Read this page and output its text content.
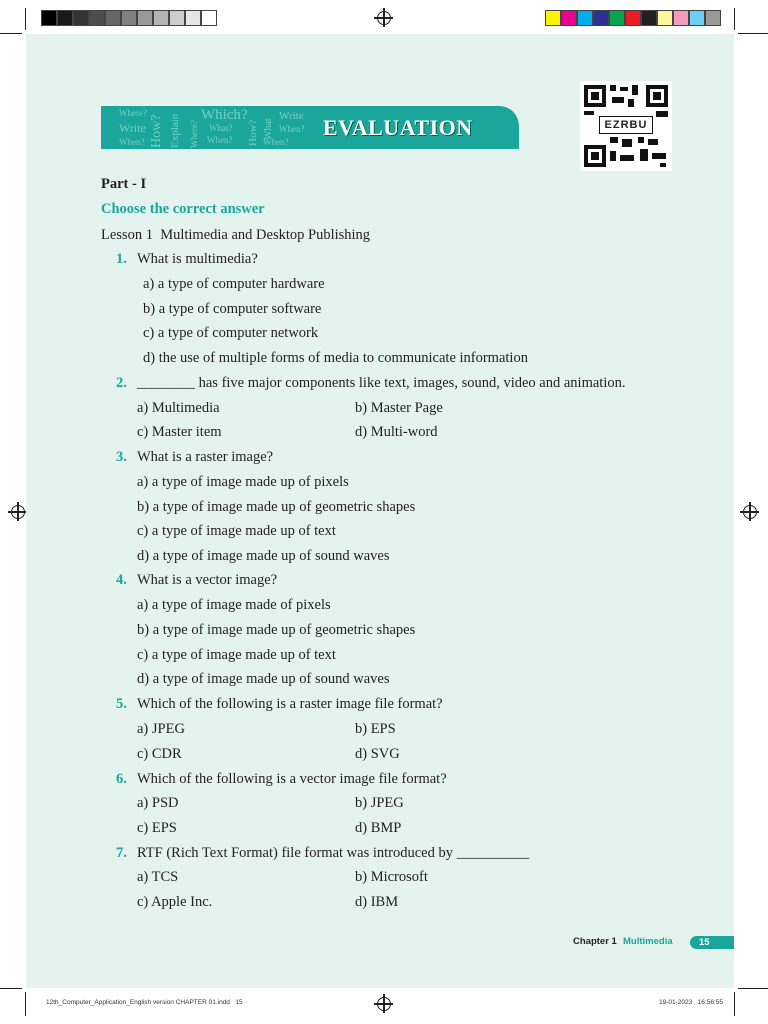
Where?
Write
When? How? Explain Which?
Where? What?
When? How? What
Write
When?
When?
EVALUATION	EZRBU
Part - I
Choose the correct answer
Lesson 1  Multimedia and Desktop Publishing
1. What is multimedia?
a) a type of computer hardware
b) a type of computer software
c) a type of computer network
d) the use of multiple forms of media to communicate information
2. ________ has five major components like text, images, sound, video and animation.
a) Multimedia	b) Master Page
c) Master item	d) Multi-word
3. What is a raster image?
a) a type of image made up of pixels
b) a type of image made up of geometric shapes
c) a type of image made up of text
d) a type of image made up of sound waves
4. What is a vector image?
a) a type of image made of pixels
b) a type of image made up of geometric shapes
c) a type of image made up of text
d) a type of image made up of sound waves
5. Which of the following is a raster image file format?
a) JPEG	b) EPS
c) CDR	d) SVG
6. Which of the following is a vector image file format?
a) PSD	b) JPEG
c) EPS	d) BMP
7. RTF (Rich Text Format) file format was introduced by __________
a) TCS	b) Microsoft
c) Apple Inc.	d) IBM
Chapter 1 Multimedia	15
12th_Computer_Application_English version CHAPTER 01.indd   15	19-01-2023   16:56:55
